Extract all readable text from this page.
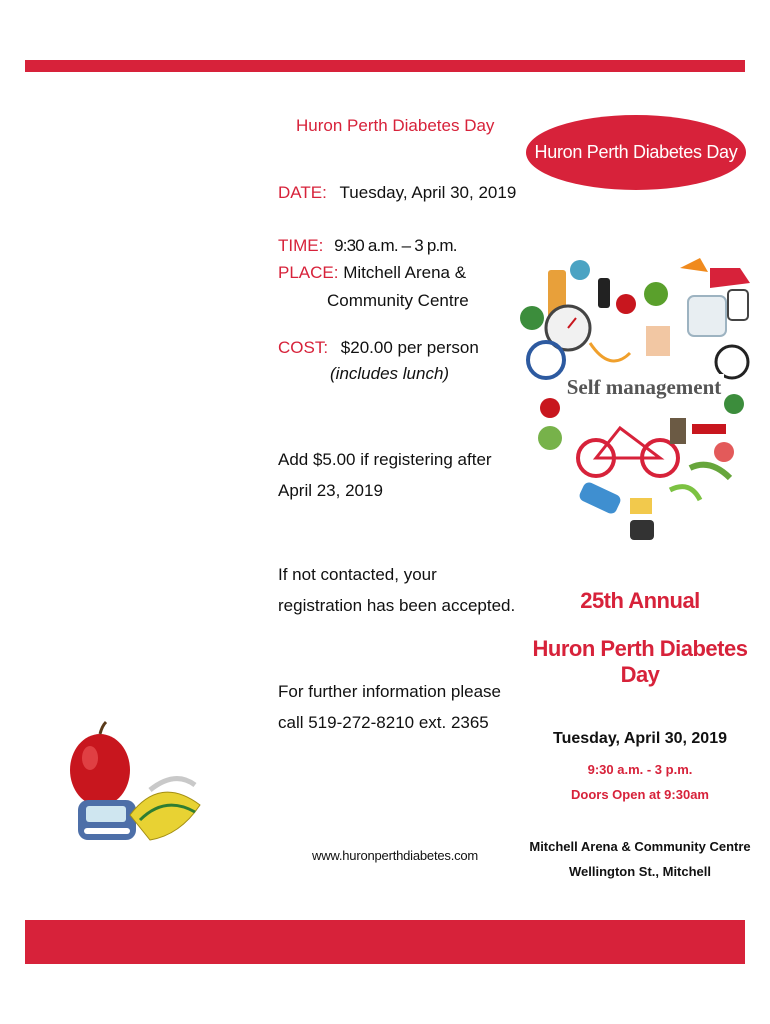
Huron Perth Diabetes Day
DATE: Tuesday, April 30, 2019
TIME: 9:30 a.m. – 3 p.m.
PLACE: Mitchell Arena &
Community Centre
COST: $20.00 per person
(includes lunch)
Add $5.00 if registering after
April 23, 2019
If not contacted, your
registration has been accepted.
For further information please
call 519-272-8210 ext. 2365
www.huronperthdiabetes.com
Huron Perth Diabetes Day
Self management
25th Annual
Huron Perth Diabetes Day
Tuesday, April 30, 2019
9:30 a.m. - 3 p.m.
Doors Open at 9:30am
Mitchell Arena & Community Centre
Wellington St., Mitchell
